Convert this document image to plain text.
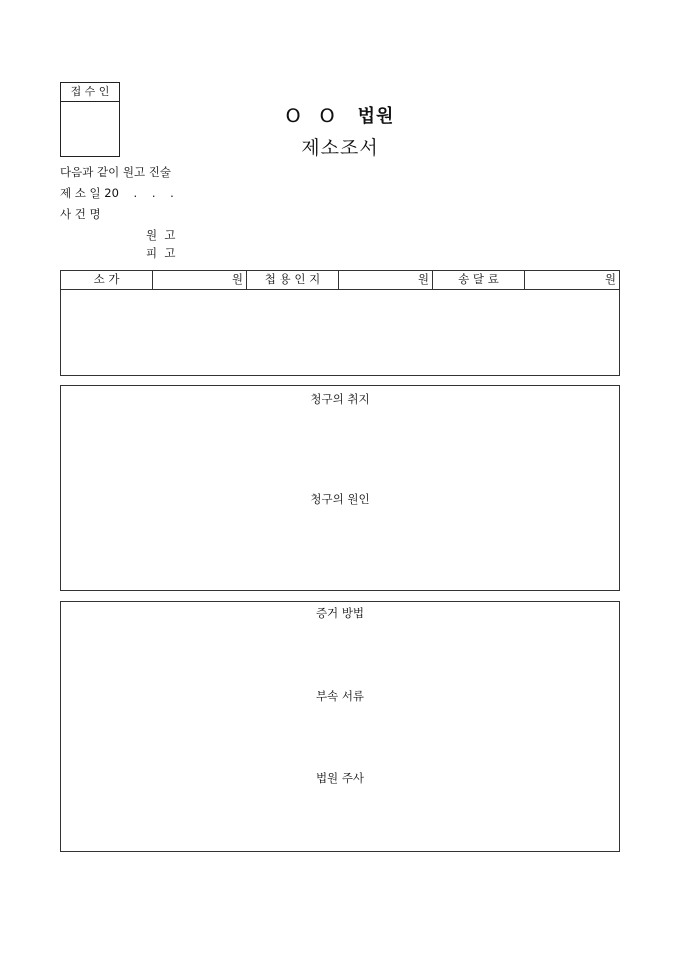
접 수 인
O O 법원
제소조서
다음과 같이 원고 진술
제 소 일 20    .    .    .
사 건 명
원  고
피  고
소 가	원	첩 용 인 지	원	송 달 료	원
청구의 취지
청구의 원인
증거 방법
부속 서류
법원 주사
